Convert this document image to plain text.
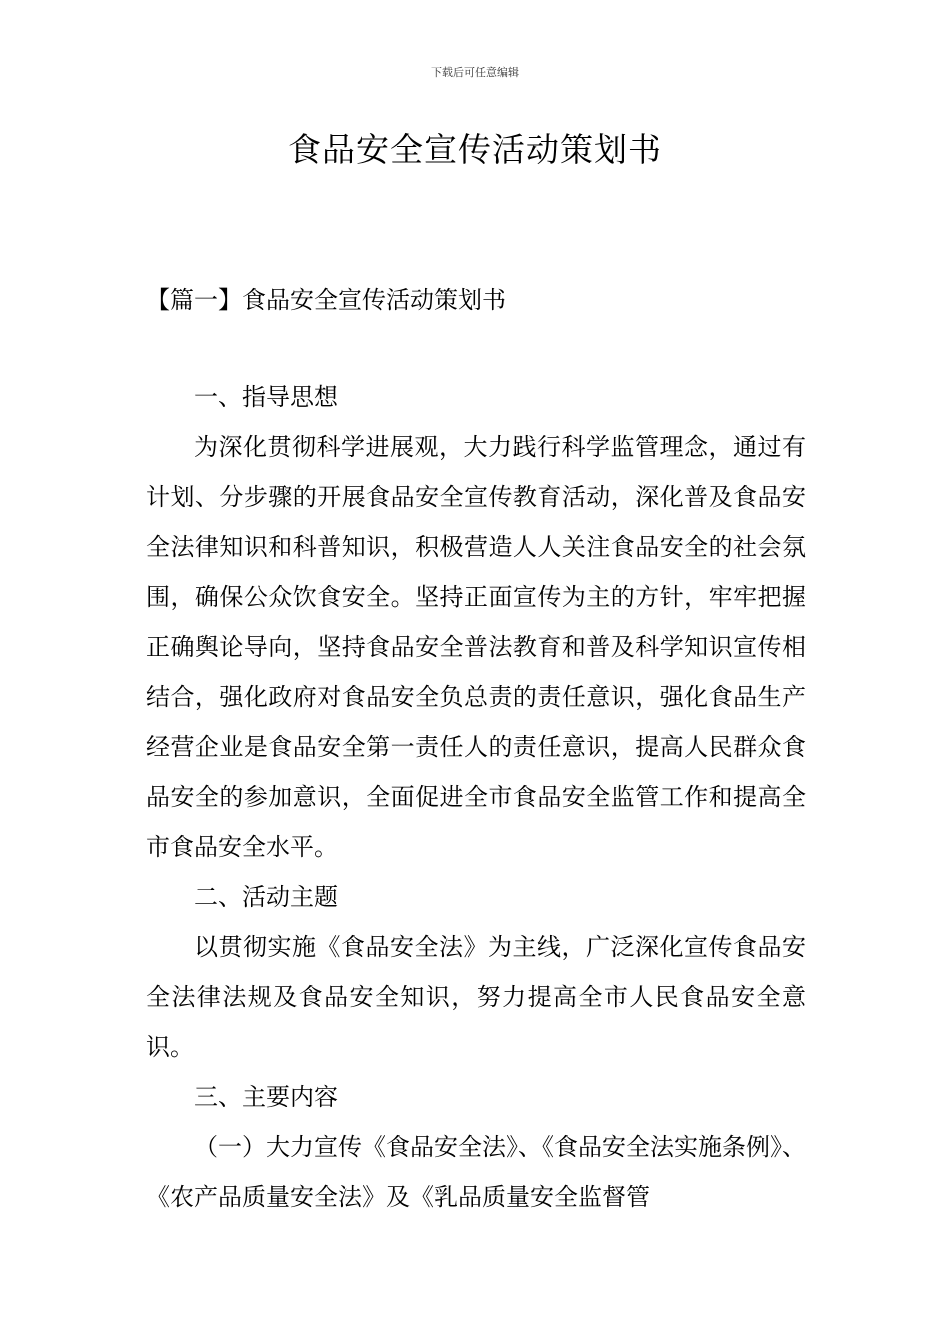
下载后可任意编辑
食品安全宣传活动策划书
【篇一】食品安全宣传活动策划书

一、指导思想

为深化贯彻科学进展观，大力践行科学监管理念，通过有计划、分步骤的开展食品安全宣传教育活动，深化普及食品安全法律知识和科普知识，积极营造人人关注食品安全的社会氛围，确保公众饮食安全。坚持正面宣传为主的方针，牢牢把握正确舆论导向，坚持食品安全普法教育和普及科学知识宣传相结合，强化政府对食品安全负总责的责任意识，强化食品生产经营企业是食品安全第一责任人的责任意识，提高人民群众食品安全的参加意识，全面促进全市食品安全监管工作和提高全市食品安全水平。

二、活动主题

以贯彻实施《食品安全法》为主线，广泛深化宣传食品安全法律法规及食品安全知识，努力提高全市人民食品安全意识。

三、主要内容

（一）大力宣传《食品安全法》、《食品安全法实施条例》、《农产品质量安全法》及《乳品质量安全监督管
